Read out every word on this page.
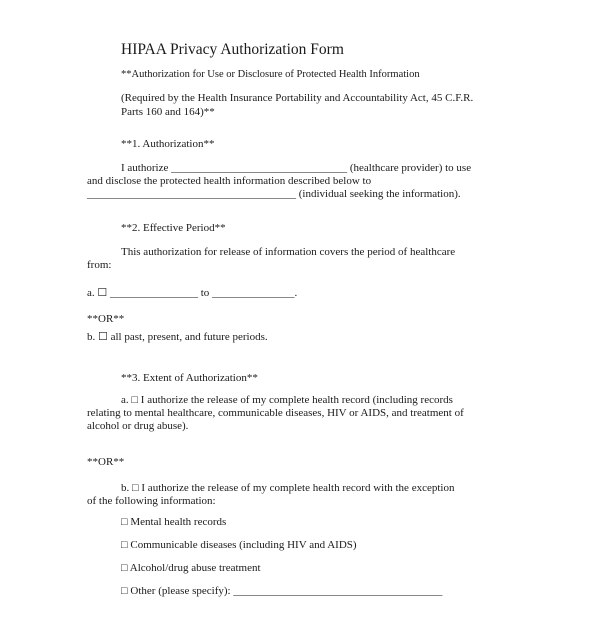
HIPAA Privacy Authorization Form
**Authorization for Use or Disclosure of Protected Health Information
(Required by the Health Insurance Portability and Accountability Act, 45 C.F.R.
Parts 160 and 164)**
**1. Authorization**
I authorize ________________________________ (healthcare provider) to use
and disclose the protected health information described below to
______________________________________ (individual seeking the information).
**2. Effective Period**
This authorization for release of information covers the period of healthcare
from:
a. ☐ ________________ to _______________.
**OR**
b. ☐ all past, present, and future periods.
**3. Extent of Authorization**
a. □ I authorize the release of my complete health record (including records
relating to mental healthcare, communicable diseases, HIV or AIDS, and treatment of
alcohol or drug abuse).
**OR**
b. □ I authorize the release of my complete health record with the exception
of the following information:
□ Mental health records
□ Communicable diseases (including HIV and AIDS)
□ Alcohol/drug abuse treatment
□ Other (please specify): ______________________________________
